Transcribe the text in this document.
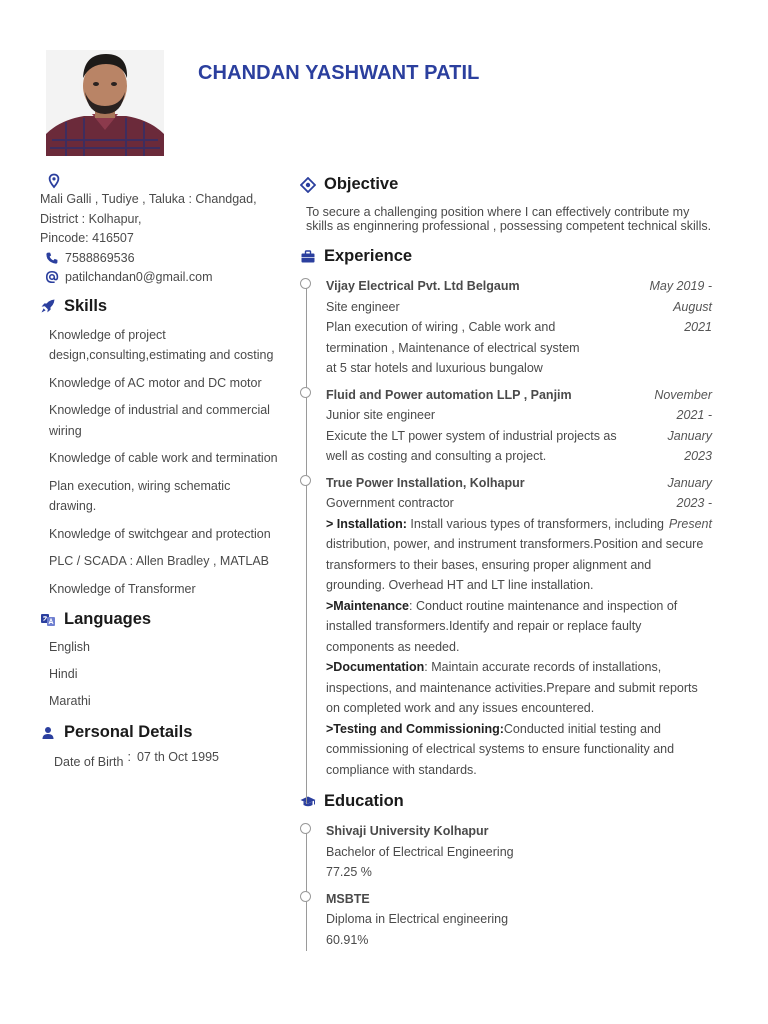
CHANDAN YASHWANT PATIL
Mali Galli , Tudiye , Taluka : Chandgad,
District : Kolhapur,
Pincode: 416507
7588869536
patilchandan0@gmail.com
Skills
Knowledge of project design,consulting,estimating and costing
Knowledge of AC motor and DC motor
Knowledge of industrial and commercial wiring
Knowledge of cable work and termination
Plan execution, wiring schematic drawing.
Knowledge of switchgear and protection
PLC / SCADA : Allen Bradley , MATLAB
Knowledge of Transformer
Languages
English
Hindi
Marathi
Personal Details
Date of Birth : 07 th Oct 1995
Objective
To secure a challenging position where I can effectively contribute my skills as enginnering professional , possessing competent technical skills.
Experience
Vijay Electrical Pvt. Ltd Belgaum
Site engineer
May 2019 -
August
2021
Plan execution of wiring , Cable work and termination , Maintenance of electrical system at 5 star hotels and luxurious bungalow
Fluid and Power automation LLP , Panjim
Junior site engineer
Exicute the LT power system of industrial projects as well as costing and consulting a project.
November
2021 -
January
2023
True Power Installation, Kolhapur
Government contractor
January
2023 -
Present
> Installation: Install various types of transformers, including distribution, power, and instrument transformers.Position and secure transformers to their bases, ensuring proper alignment and grounding. Overhead HT and LT line installation.
>Maintenance: Conduct routine maintenance and inspection of installed transformers.Identify and repair or replace faulty components as needed.
>Documentation: Maintain accurate records of installations, inspections, and maintenance activities.Prepare and submit reports on completed work and any issues encountered.
>Testing and Commissioning:Conducted initial testing and commissioning of electrical systems to ensure functionality and compliance with standards.
Education
Shivaji University Kolhapur
Bachelor of Electrical Engineering
77.25 %
MSBTE
Diploma in Electrical engineering
60.91%
